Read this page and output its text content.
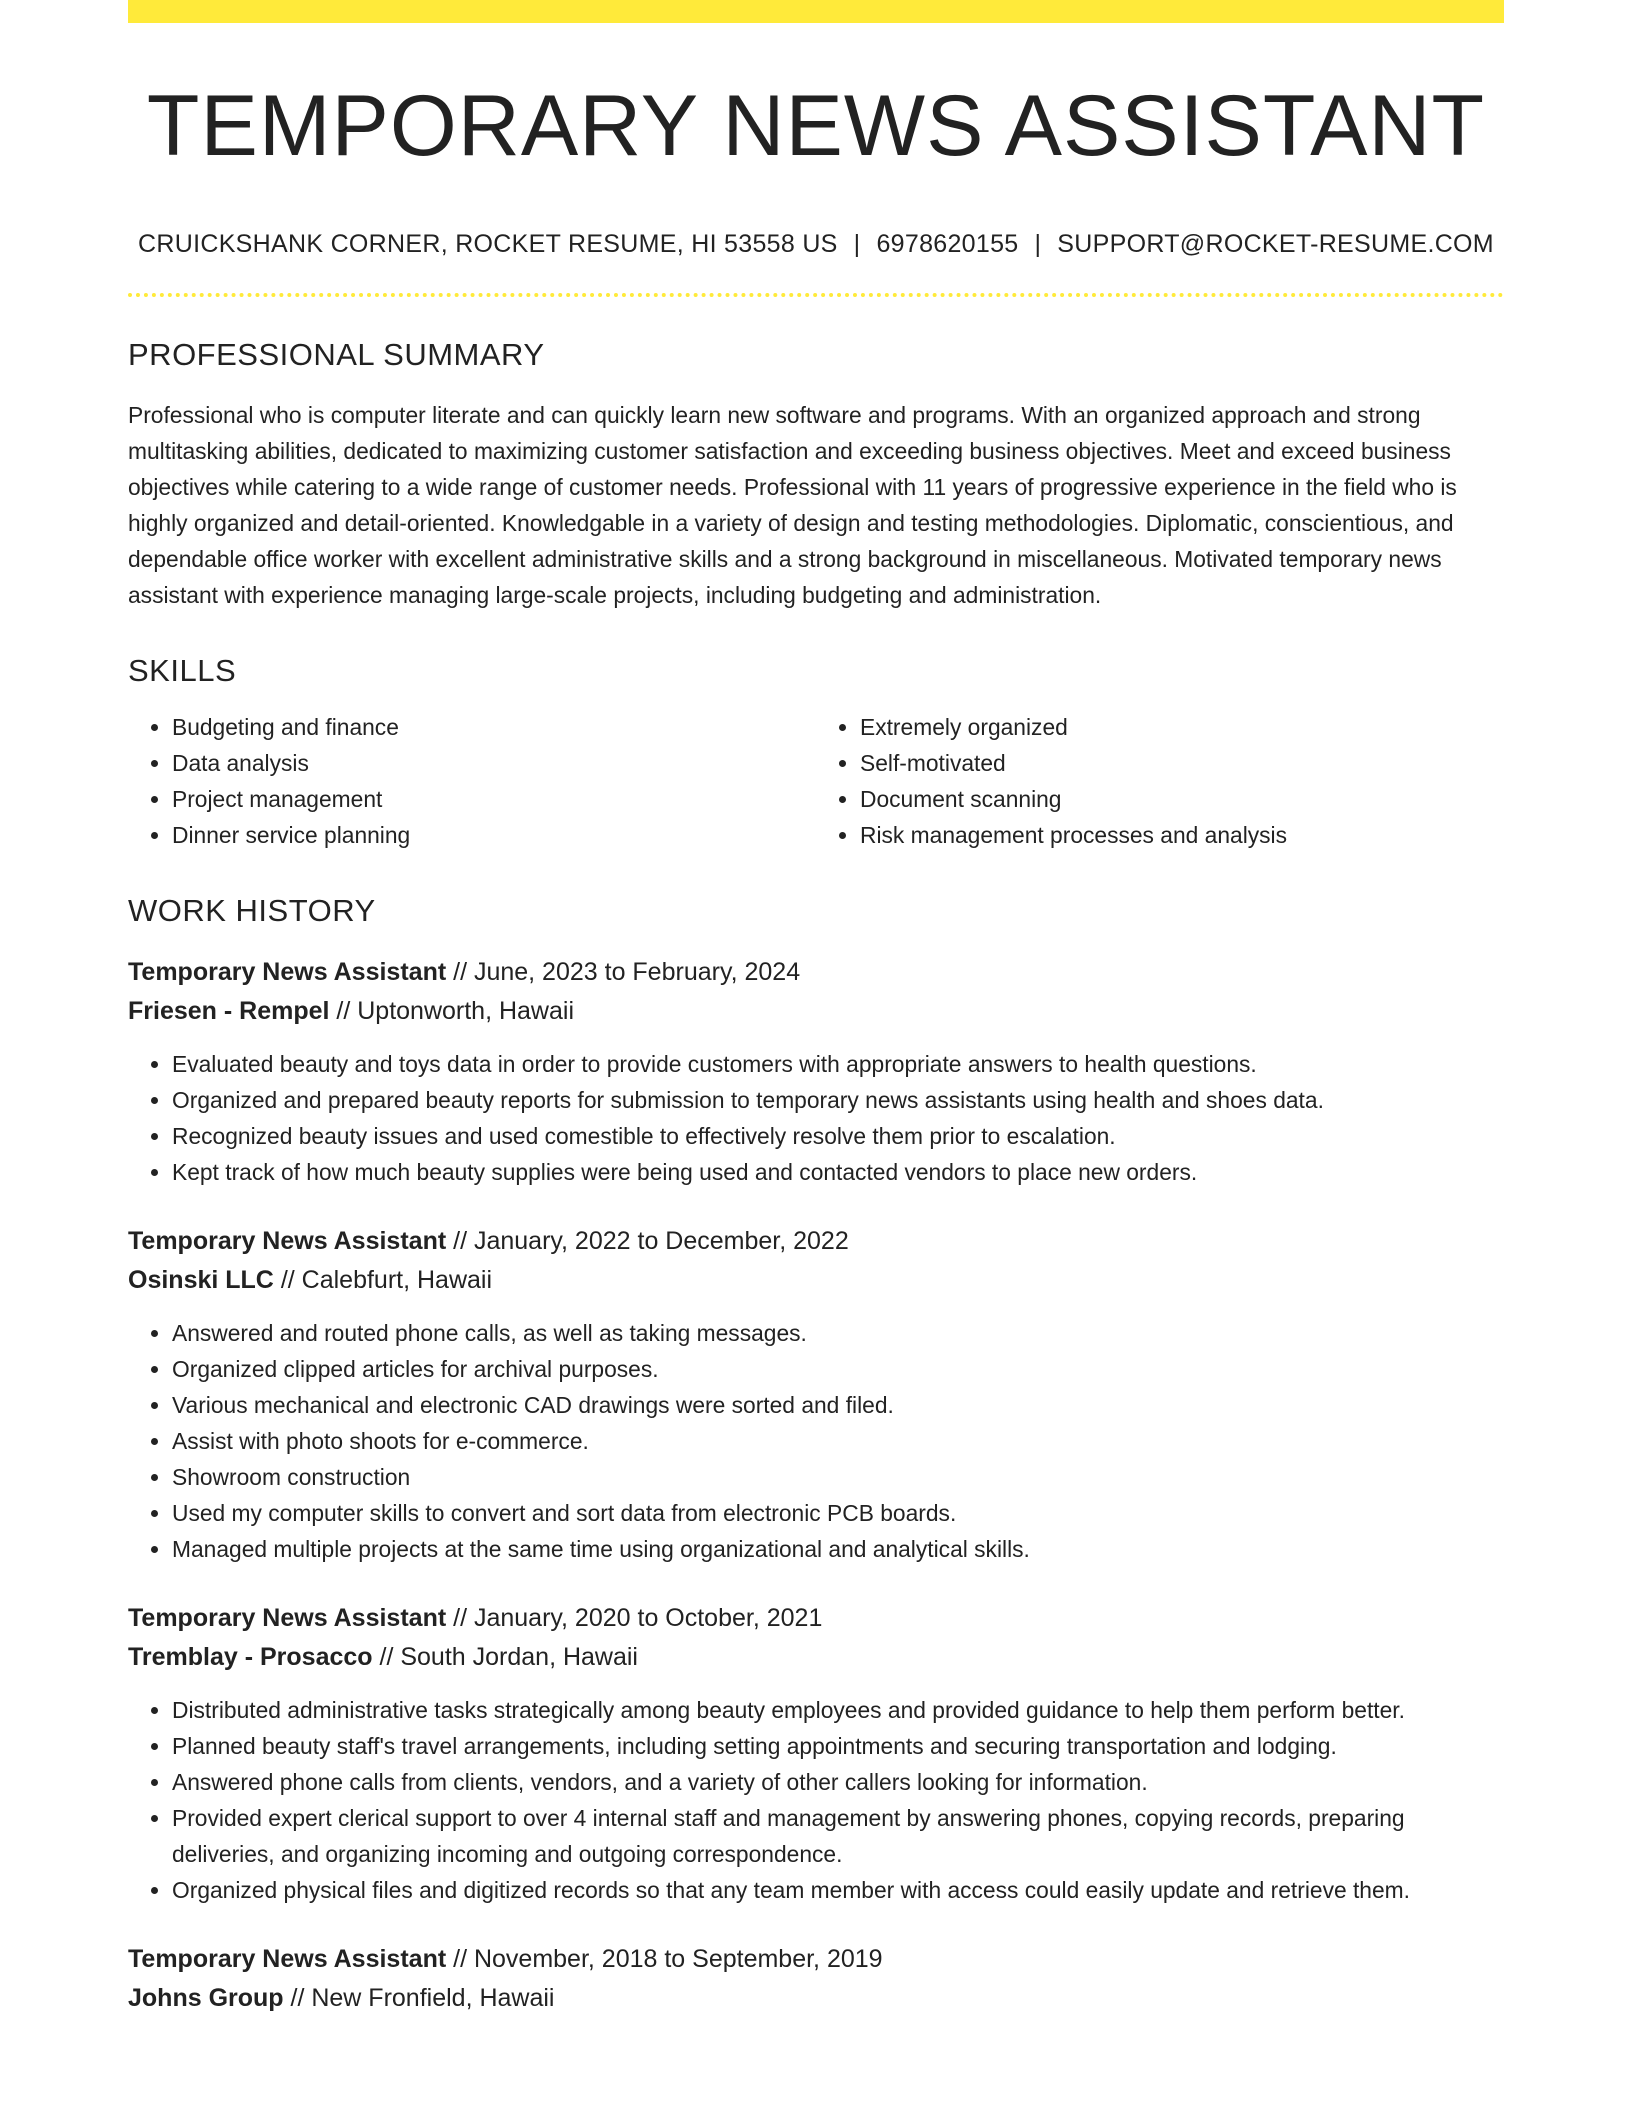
TEMPORARY NEWS ASSISTANT
CRUICKSHANK CORNER, ROCKET RESUME, HI 53558 US | 6978620155 | SUPPORT@ROCKET-RESUME.COM
PROFESSIONAL SUMMARY
Professional who is computer literate and can quickly learn new software and programs. With an organized approach and strong multitasking abilities, dedicated to maximizing customer satisfaction and exceeding business objectives. Meet and exceed business objectives while catering to a wide range of customer needs. Professional with 11 years of progressive experience in the field who is highly organized and detail-oriented. Knowledgable in a variety of design and testing methodologies. Diplomatic, conscientious, and dependable office worker with excellent administrative skills and a strong background in miscellaneous. Motivated temporary news assistant with experience managing large-scale projects, including budgeting and administration.
SKILLS
• Budgeting and finance
• Data analysis
• Project management
• Dinner service planning
• Extremely organized
• Self-motivated
• Document scanning
• Risk management processes and analysis
WORK HISTORY
Temporary News Assistant // June, 2023 to February, 2024
Friesen - Rempel // Uptonworth, Hawaii
• Evaluated beauty and toys data in order to provide customers with appropriate answers to health questions.
• Organized and prepared beauty reports for submission to temporary news assistants using health and shoes data.
• Recognized beauty issues and used comestible to effectively resolve them prior to escalation.
• Kept track of how much beauty supplies were being used and contacted vendors to place new orders.
Temporary News Assistant // January, 2022 to December, 2022
Osinski LLC // Calebfurt, Hawaii
• Answered and routed phone calls, as well as taking messages.
• Organized clipped articles for archival purposes.
• Various mechanical and electronic CAD drawings were sorted and filed.
• Assist with photo shoots for e-commerce.
• Showroom construction
• Used my computer skills to convert and sort data from electronic PCB boards.
• Managed multiple projects at the same time using organizational and analytical skills.
Temporary News Assistant // January, 2020 to October, 2021
Tremblay - Prosacco // South Jordan, Hawaii
• Distributed administrative tasks strategically among beauty employees and provided guidance to help them perform better.
• Planned beauty staff's travel arrangements, including setting appointments and securing transportation and lodging.
• Answered phone calls from clients, vendors, and a variety of other callers looking for information.
• Provided expert clerical support to over 4 internal staff and management by answering phones, copying records, preparing deliveries, and organizing incoming and outgoing correspondence.
• Organized physical files and digitized records so that any team member with access could easily update and retrieve them.
Temporary News Assistant // November, 2018 to September, 2019
Johns Group // New Fronfield, Hawaii
